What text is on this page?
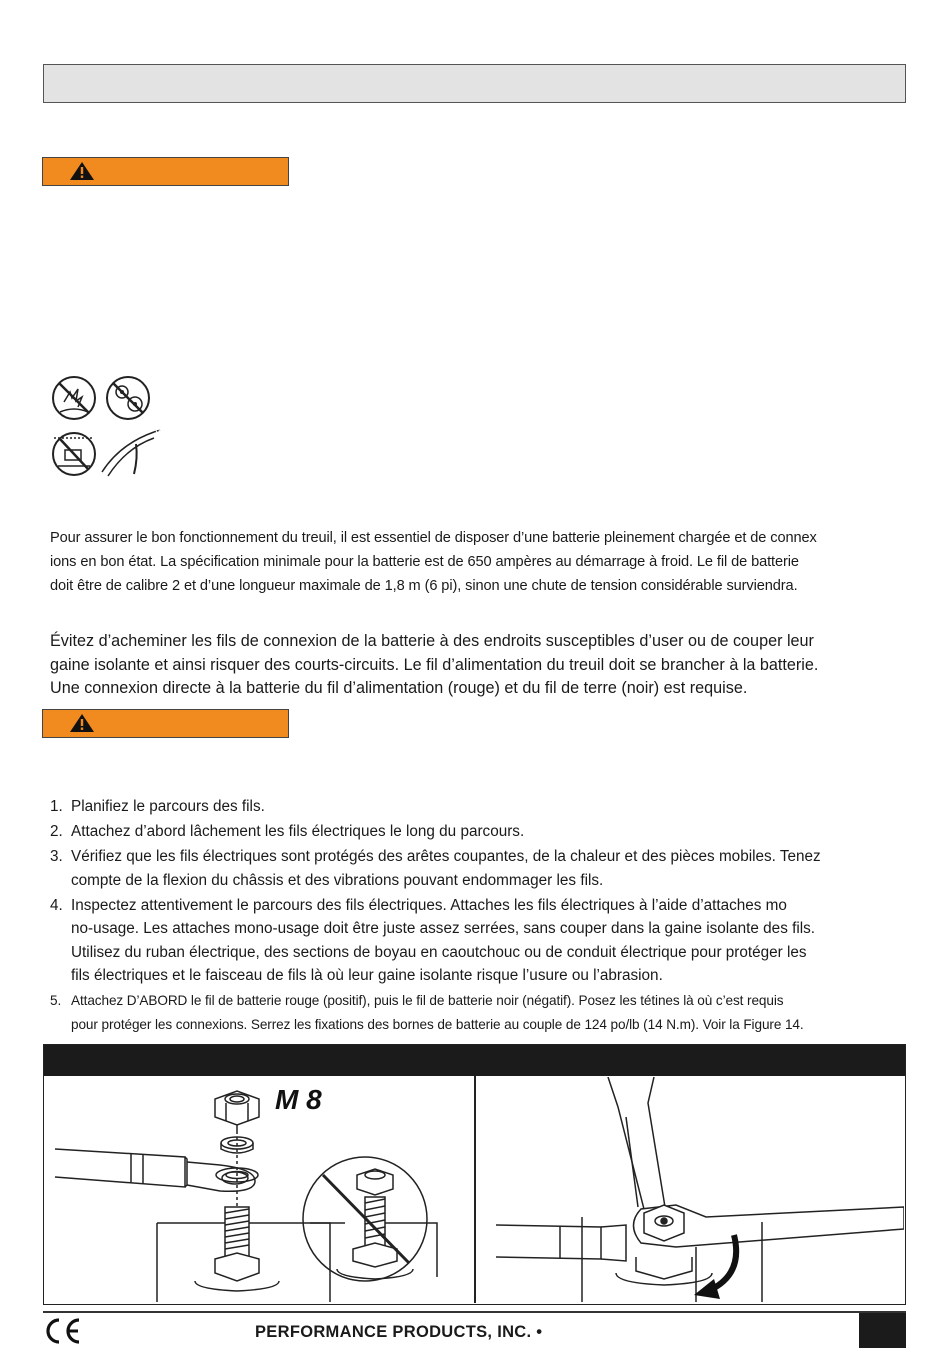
Pour assurer le bon fonctionnement du treuil, il est essentiel de disposer d’une batterie pleinement chargée et de connex
ions en bon état. La spécification minimale pour la batterie est de 650 ampères au démarrage à froid. Le fil de batterie
doit être de calibre 2 et d’une longueur maximale de 1,8 m (6 pi), sinon une chute de tension considérable surviendra.

Évitez d’acheminer les fils de connexion de la batterie à des endroits susceptibles d’user ou de couper leur
gaine isolante et ainsi risquer des courts-circuits. Le fil d’alimentation du treuil doit se brancher à la batterie.
Une connexion directe à la batterie du fil d’alimentation (rouge) et du fil de terre (noir) est requise.

1. Planifiez le parcours des fils.
2. Attachez d’abord lâchement les fils électriques le long du parcours.
3. Vérifiez que les fils électriques sont protégés des arêtes coupantes, de la chaleur et des pièces mobiles. Tenez
compte de la flexion du châssis et des vibrations pouvant endommager les fils.
4. Inspectez attentivement le parcours des fils électriques. Attaches les fils électriques à l’aide d’attaches mo
no-usage. Les attaches mono-usage doit être juste assez serrées, sans couper dans la gaine isolante des fils.
Utilisez du ruban électrique, des sections de boyau en caoutchouc ou de conduit électrique pour protéger les
fils électriques et le faisceau de fils là où leur gaine isolante risque l’usure ou l’abrasion.
5. Attachez D’ABORD le fil de batterie rouge (positif), puis le fil de batterie noir (négatif). Posez les tétines là où c’est requis
pour protéger les connexions. Serrez les fixations des bornes de batterie au couple de 124 po/lb (14 N.m). Voir la Figure 14.
M 8
PERFORMANCE PRODUCTS, INC. •
